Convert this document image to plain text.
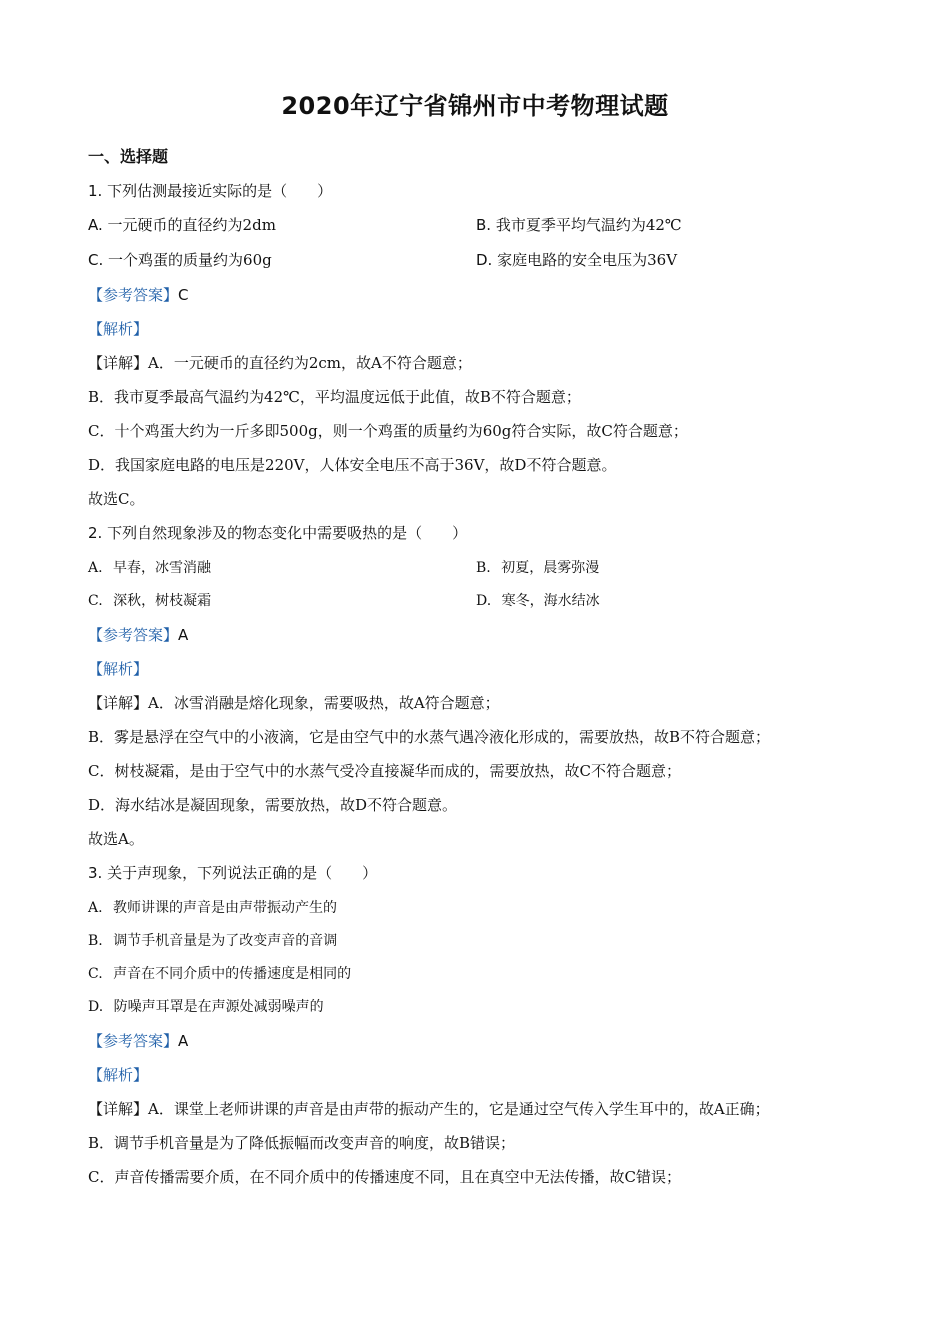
2020年辽宁省锦州市中考物理试题
一、选择题
1. 下列估测最接近实际的是（　　）
A. 一元硬币的直径约为2dm	B. 我市夏季平均气温约为42℃
C. 一个鸡蛋的质量约为60g	D. 家庭电路的安全电压为36V
【参考答案】C
【解析】
【详解】A．一元硬币的直径约为2cm，故A不符合题意；
B．我市夏季最高气温约为42℃，平均温度远低于此值，故B不符合题意；
C．十个鸡蛋大约为一斤多即500g，则一个鸡蛋的质量约为60g符合实际，故C符合题意；
D．我国家庭电路的电压是220V，人体安全电压不高于36V，故D不符合题意。
故选C。
2. 下列自然现象涉及的物态变化中需要吸热的是（　　）
A. 早春，冰雪消融	B. 初夏，晨雾弥漫
C. 深秋，树枝凝霜	D. 寒冬，海水结冰
【参考答案】A
【解析】
【详解】A．冰雪消融是熔化现象，需要吸热，故A符合题意；
B．雾是悬浮在空气中的小液滴，它是由空气中的水蒸气遇冷液化形成的，需要放热，故B不符合题意；
C．树枝凝霜，是由于空气中的水蒸气受冷直接凝华而成的，需要放热，故C不符合题意；
D．海水结冰是凝固现象，需要放热，故D不符合题意。
故选A。
3. 关于声现象，下列说法正确的是（　　）
A. 教师讲课的声音是由声带振动产生的
B. 调节手机音量是为了改变声音的音调
C. 声音在不同介质中的传播速度是相同的
D. 防噪声耳罩是在声源处减弱噪声的
【参考答案】A
【解析】
【详解】A．课堂上老师讲课的声音是由声带的振动产生的，它是通过空气传入学生耳中的，故A正确；
B．调节手机音量是为了降低振幅而改变声音的响度，故B错误；
C．声音传播需要介质，在不同介质中的传播速度不同，且在真空中无法传播，故C错误；
